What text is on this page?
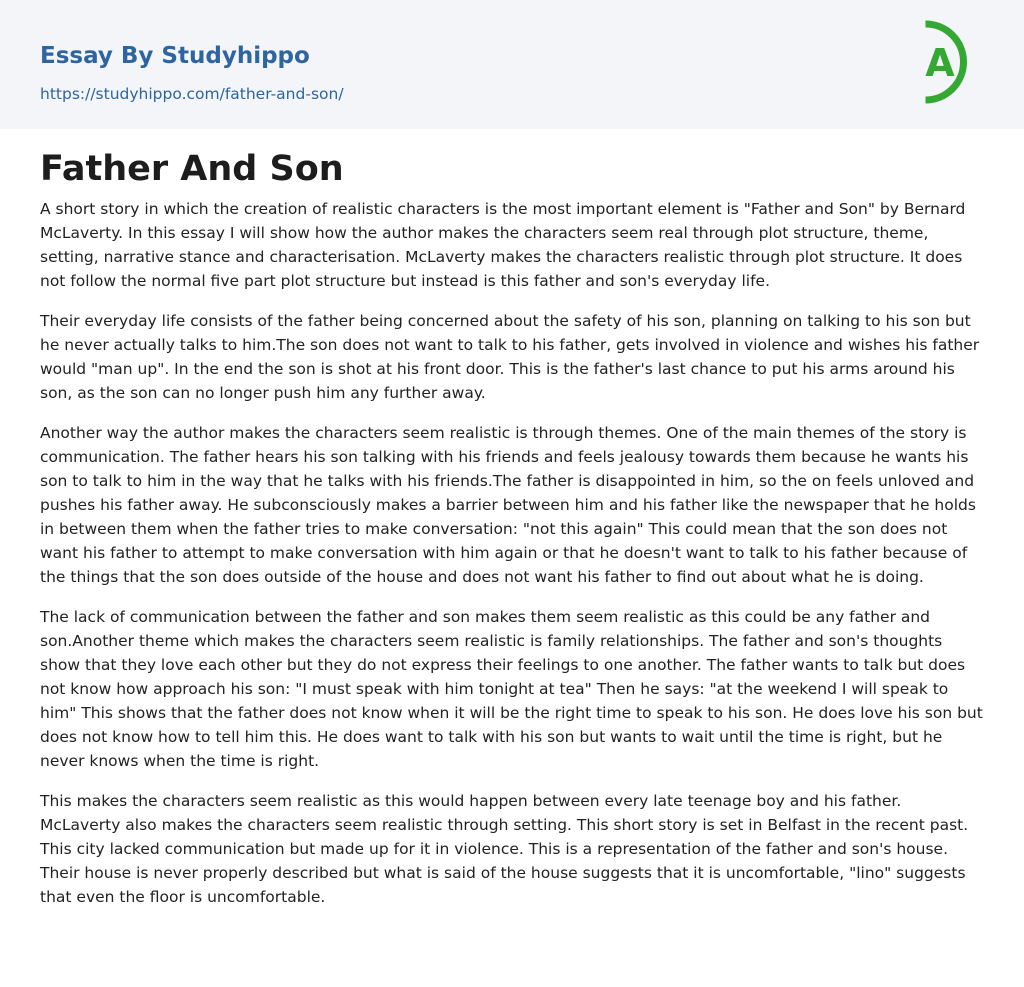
Essay By Studyhippo
https://studyhippo.com/father-and-son/
A
Father And Son

A short story in which the creation of realistic characters is the most important element is "Father and Son" by Bernard McLaverty. In this essay I will show how the author makes the characters seem real through plot structure, theme, setting, narrative stance and characterisation. McLaverty makes the characters realistic through plot structure. It does not follow the normal five part plot structure but instead is this father and son's everyday life.

Their everyday life consists of the father being concerned about the safety of his son, planning on talking to his son but he never actually talks to him.The son does not want to talk to his father, gets involved in violence and wishes his father would "man up". In the end the son is shot at his front door. This is the father's last chance to put his arms around his son, as the son can no longer push him any further away.

Another way the author makes the characters seem realistic is through themes. One of the main themes of the story is communication. The father hears his son talking with his friends and feels jealousy towards them because he wants his son to talk to him in the way that he talks with his friends.The father is disappointed in him, so the on feels unloved and pushes his father away. He subconsciously makes a barrier between him and his father like the newspaper that he holds in between them when the father tries to make conversation: "not this again" This could mean that the son does not want his father to attempt to make conversation with him again or that he doesn't want to talk to his father because of the things that the son does outside of the house and does not want his father to find out about what he is doing.

The lack of communication between the father and son makes them seem realistic as this could be any father and son.Another theme which makes the characters seem realistic is family relationships. The father and son's thoughts show that they love each other but they do not express their feelings to one another. The father wants to talk but does not know how approach his son: "I must speak with him tonight at tea" Then he says: "at the weekend I will speak to him" This shows that the father does not know when it will be the right time to speak to his son. He does love his son but does not know how to tell him this. He does want to talk with his son but wants to wait until the time is right, but he never knows when the time is right.

This makes the characters seem realistic as this would happen between every late teenage boy and his father. McLaverty also makes the characters seem realistic through setting. This short story is set in Belfast in the recent past. This city lacked communication but made up for it in violence. This is a representation of the father and son's house. Their house is never properly described but what is said of the house suggests that it is uncomfortable, "lino" suggests that even the floor is uncomfortable.
